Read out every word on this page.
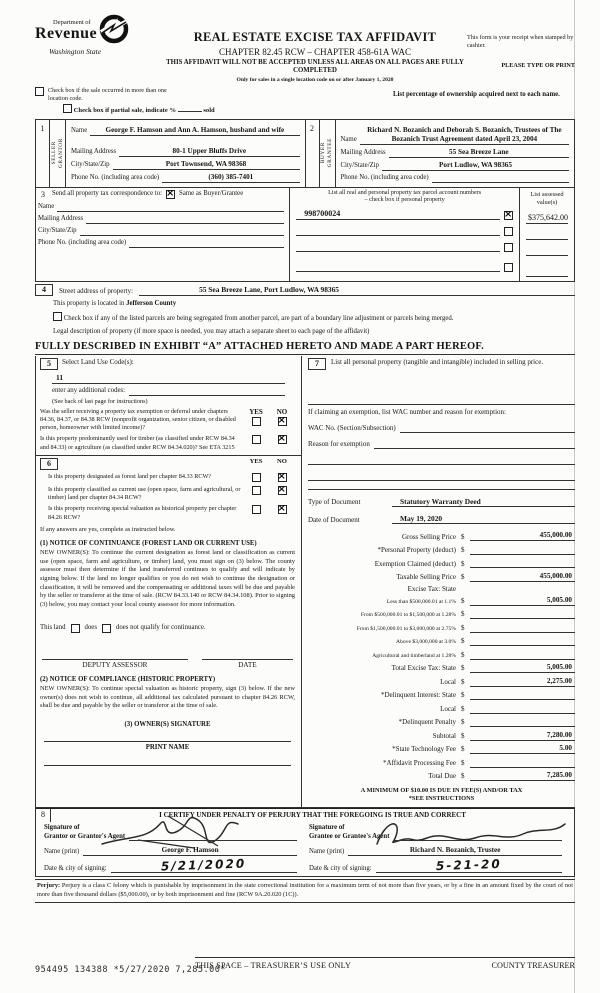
Department of
Revenue
Washington State
REAL ESTATE EXCISE TAX AFFIDAVIT
CHAPTER 82.45 RCW – CHAPTER 458-61A WAC
THIS AFFIDAVIT WILL NOT BE ACCEPTED UNLESS ALL AREAS ON ALL PAGES ARE FULLY COMPLETED
Only for sales in a single location code on or after January 1, 2020
This form is your receipt when stamped by cashier.
PLEASE TYPE OR PRINT
Check box if the sale occurred in more than one location code.
Check box if partial sale, indicate %	sold
List percentage of ownership acquired next to each name.
1
SELLER GRANTOR
Name	George F. Hamson and Ann A. Hamson, husband and wife
Mailing Address	80-1 Upper Bluffs Drive
City/State/Zip	Port Townsend, WA 98368
Phone No. (including area code)	(360) 385-7401
2
BUYER GRANTEE Name
Richard N. Bozanich and Deborah S. Bozanich, Trustees of The Bozanich Trust Agreement dated April 23, 2004
Mailing Address	55 Sea Breeze Lane
City/State/Zip	Port Ludlow, WA 98365
Phone No. (including area code)
3	Send all property tax correspondence to: ×	Same as Buyer/Grantee
Name
Mailing Address
City/State/Zip
Phone No. (including area code)
List all real and personal property tax parcel account numbers
– check box if personal property
998700024
×
List assessed value(s)
$375,642.00
4	Street address of property:	55 Sea Breeze Lane, Port Ludlow, WA 98365
This property is located in Jefferson County
Check box if any of the listed parcels are being segregated from another parcel, are part of a boundary line adjustment or parcels being merged.
Legal description of property (if more space is needed, you may attach a separate sheet to each page of the affidavit)
FULLY DESCRIBED IN EXHIBIT “A” ATTACHED HERETO AND MADE A PART HEREOF.
5	Select Land Use Code(s):
11
enter any additional codes:
(See back of last page for instructions)
Was the seller receiving a property tax exemption or deferral under chapters 84.36, 84.37, or 84.38 RCW (nonprofit organization, senior citizen, or disabled person, homeowner with limited income)?
YES	NO
×
Is this property predominantly used for timber (as classified under RCW 84.34 and 84.33) or agriculture (as classified under RCW 84.34.020)? See ETA 3215
×
6	YES	NO
Is this property designated as forest land per chapter 84.33 RCW?
×
Is this property classified as current use (open space, farm and agricultural, or timber) land per chapter 84.34 RCW?
×
Is this property receiving special valuation as historical property per chapter 84.26 RCW?
×
If any answers are yes, complete as instructed below.
(1) NOTICE OF CONTINUANCE (FOREST LAND OR CURRENT USE)
NEW OWNER(S): To continue the current designation as forest land or classification as current use (open space, farm and agriculture, or timber) land, you must sign on (3) below. The county assessor must then determine if the land transferred continues to qualify and will indicate by signing below. If the land no longer qualifies or you do not wish to continue the designation or classification, it will be removed and the compensating or additional taxes will be due and payable by the seller or transferor at the time of sale. (RCW 84.33.140 or RCW 84.34.108). Prior to signing (3) below, you may contact your local county assessor for more information.
This land	does	does not qualify for continuance.
DEPUTY ASSESSOR	DATE
(2) NOTICE OF COMPLIANCE (HISTORIC PROPERTY)
NEW OWNER(S): To continue special valuation as historic property, sign (3) below. If the new owner(s) does not wish to continue, all additional tax calculated pursuant to chapter 84.26 RCW, shall be due and payable by the seller or transferor at the time of sale.
(3) OWNER(S) SIGNATURE
PRINT NAME
7	List all personal property (tangible and intangible) included in selling price.
If claiming an exemption, list WAC number and reason for exemption:
WAC No. (Section/Subsection)
Reason for exemption
Type of Document	Statutory Warranty Deed
Date of Document	May 19, 2020
Gross Selling Price $	455,000.00
*Personal Property (deduct) $
Exemption Claimed (deduct) $
Taxable Selling Price $	455,000.00
Excise Tax: State
Less than $500,000.01 at 1.1% $	5,005.00
From $500,000.01 to $1,500,000 at 1.28% $
From $1,500,000.01 to $3,000,000 at 2.75% $
Above $3,000,000 at 3.0% $
Agricultural and timberland at 1.28% $
Total Excise Tax: State $	5,005.00
Local $	2,275.00
*Delinquent Interest: State $
Local $
*Delinquent Penalty $
Subtotal $	7,280.00
*State Technology Fee $	5.00
*Affidavit Processing Fee $
Total Due $	7,285.00
A MINIMUM OF $10.00 IS DUE IN FEE(S) AND/OR TAX
*SEE INSTRUCTIONS
8	I CERTIFY UNDER PENALTY OF PERJURY THAT THE FOREGOING IS TRUE AND CORRECT
Signature of
Grantor or Grantor's Agent
Name (print)	George F. Hamson
Date & city of signing:	5/21/2020
Signature of
Grantee or Grantee's Agent
Name (print)	Richard N. Bozanich, Trustee
Date & city of signing:	5-21-20
Perjury: Perjury is a class C felony which is punishable by imprisonment in the state correctional institution for a maximum term of not more than five years, or by a fine in an amount fixed by the court of not more than five thousand dollars ($5,000.00), or by both imprisonment and fine (RCW 9A.20.020 (1C)).
954495 134388 *5/27/2020 7,285.00*
THIS SPACE – TREASURER’S USE ONLY	COUNTY TREASURER
